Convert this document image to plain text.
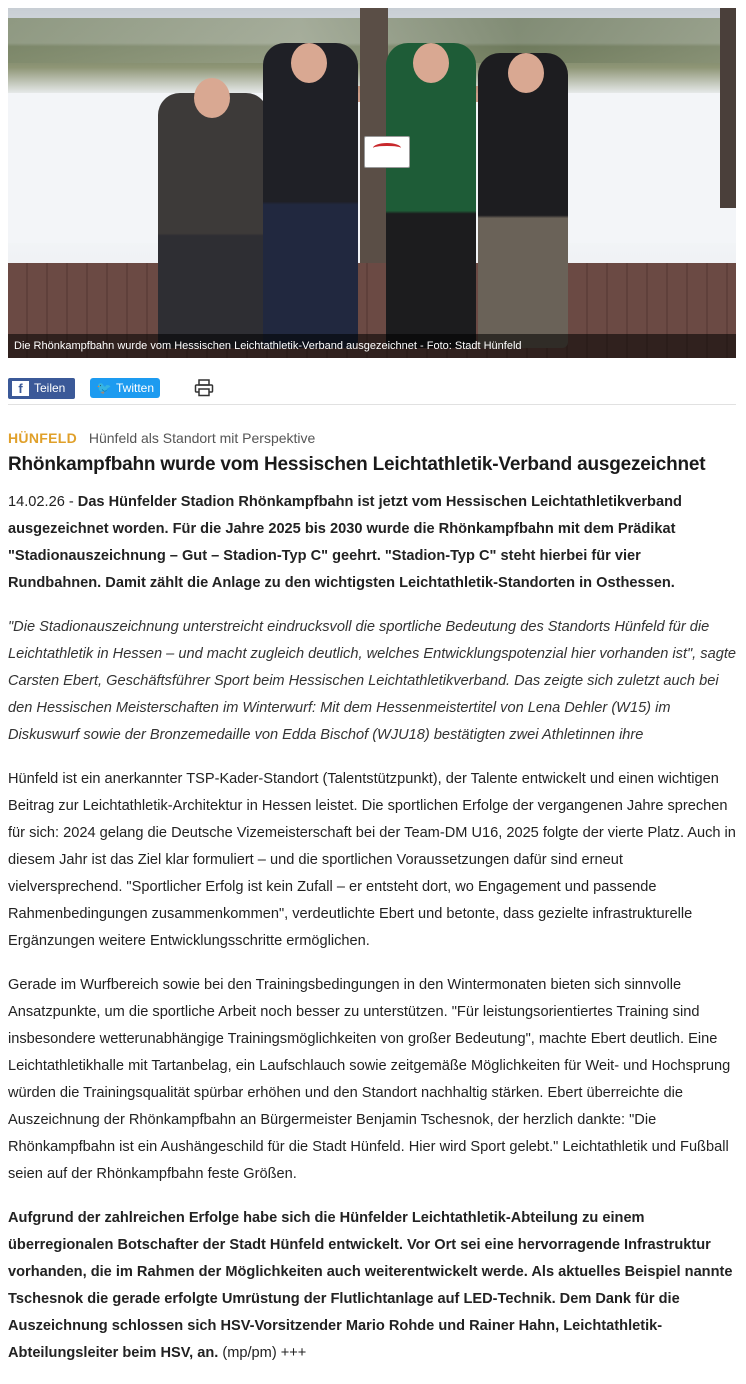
Die Rhönkampfbahn wurde vom Hessischen Leichtathletik-Verband ausgezeichnet - Foto: Stadt Hünfeld
f Teilen	🐦 Twitten
HÜNFELD Hünfeld als Standort mit Perspektive
Rhönkampfbahn wurde vom Hessischen Leichtathletik-Verband ausgezeichnet

14.02.26 - Das Hünfelder Stadion Rhönkampfbahn ist jetzt vom Hessischen Leichtathletikverband ausgezeichnet worden. Für die Jahre 2025 bis 2030 wurde die Rhönkampfbahn mit dem Prädikat "Stadionauszeichnung – Gut – Stadion-Typ C" geehrt. "Stadion-Typ C" steht hierbei für vier Rundbahnen. Damit zählt die Anlage zu den wichtigsten Leichtathletik-Standorten in Osthessen.

"Die Stadionauszeichnung unterstreicht eindrucksvoll die sportliche Bedeutung des Standorts Hünfeld für die Leichtathletik in Hessen – und macht zugleich deutlich, welches Entwicklungspotenzial hier vorhanden ist", sagte Carsten Ebert, Geschäftsführer Sport beim Hessischen Leichtathletikverband. Das zeigte sich zuletzt auch bei den Hessischen Meisterschaften im Winterwurf: Mit dem Hessenmeistertitel von Lena Dehler (W15) im Diskuswurf sowie der Bronzemedaille von Edda Bischof (WJU18) bestätigten zwei Athletinnen ihre

Hünfeld ist ein anerkannter TSP-Kader-Standort (Talentstützpunkt), der Talente entwickelt und einen wichtigen Beitrag zur Leichtathletik-Architektur in Hessen leistet. Die sportlichen Erfolge der vergangenen Jahre sprechen für sich: 2024 gelang die Deutsche Vizemeisterschaft bei der Team-DM U16, 2025 folgte der vierte Platz. Auch in diesem Jahr ist das Ziel klar formuliert – und die sportlichen Voraussetzungen dafür sind erneut vielversprechend. "Sportlicher Erfolg ist kein Zufall – er entsteht dort, wo Engagement und passende Rahmenbedingungen zusammenkommen", verdeutlichte Ebert und betonte, dass gezielte infrastrukturelle Ergänzungen weitere Entwicklungsschritte ermöglichen.

Gerade im Wurfbereich sowie bei den Trainingsbedingungen in den Wintermonaten bieten sich sinnvolle Ansatzpunkte, um die sportliche Arbeit noch besser zu unterstützen. "Für leistungsorientiertes Training sind insbesondere wetterunabhängige Trainingsmöglichkeiten von großer Bedeutung", machte Ebert deutlich. Eine Leichtathletikhalle mit Tartanbelag, ein Laufschlauch sowie zeitgemäße Möglichkeiten für Weit- und Hochsprung würden die Trainingsqualität spürbar erhöhen und den Standort nachhaltig stärken. Ebert überreichte die Auszeichnung der Rhönkampfbahn an Bürgermeister Benjamin Tschesnok, der herzlich dankte: "Die Rhönkampfbahn ist ein Aushängeschild für die Stadt Hünfeld. Hier wird Sport gelebt." Leichtathletik und Fußball seien auf der Rhönkampfbahn feste Größen.

Aufgrund der zahlreichen Erfolge habe sich die Hünfelder Leichtathletik-Abteilung zu einem überregionalen Botschafter der Stadt Hünfeld entwickelt. Vor Ort sei eine hervorragende Infrastruktur vorhanden, die im Rahmen der Möglichkeiten auch weiterentwickelt werde. Als aktuelles Beispiel nannte Tschesnok die gerade erfolgte Umrüstung der Flutlichtanlage auf LED-Technik. Dem Dank für die Auszeichnung schlossen sich HSV-Vorsitzender Mario Rohde und Rainer Hahn, Leichtathletik-Abteilungsleiter beim HSV, an. (mp/pm) +++
